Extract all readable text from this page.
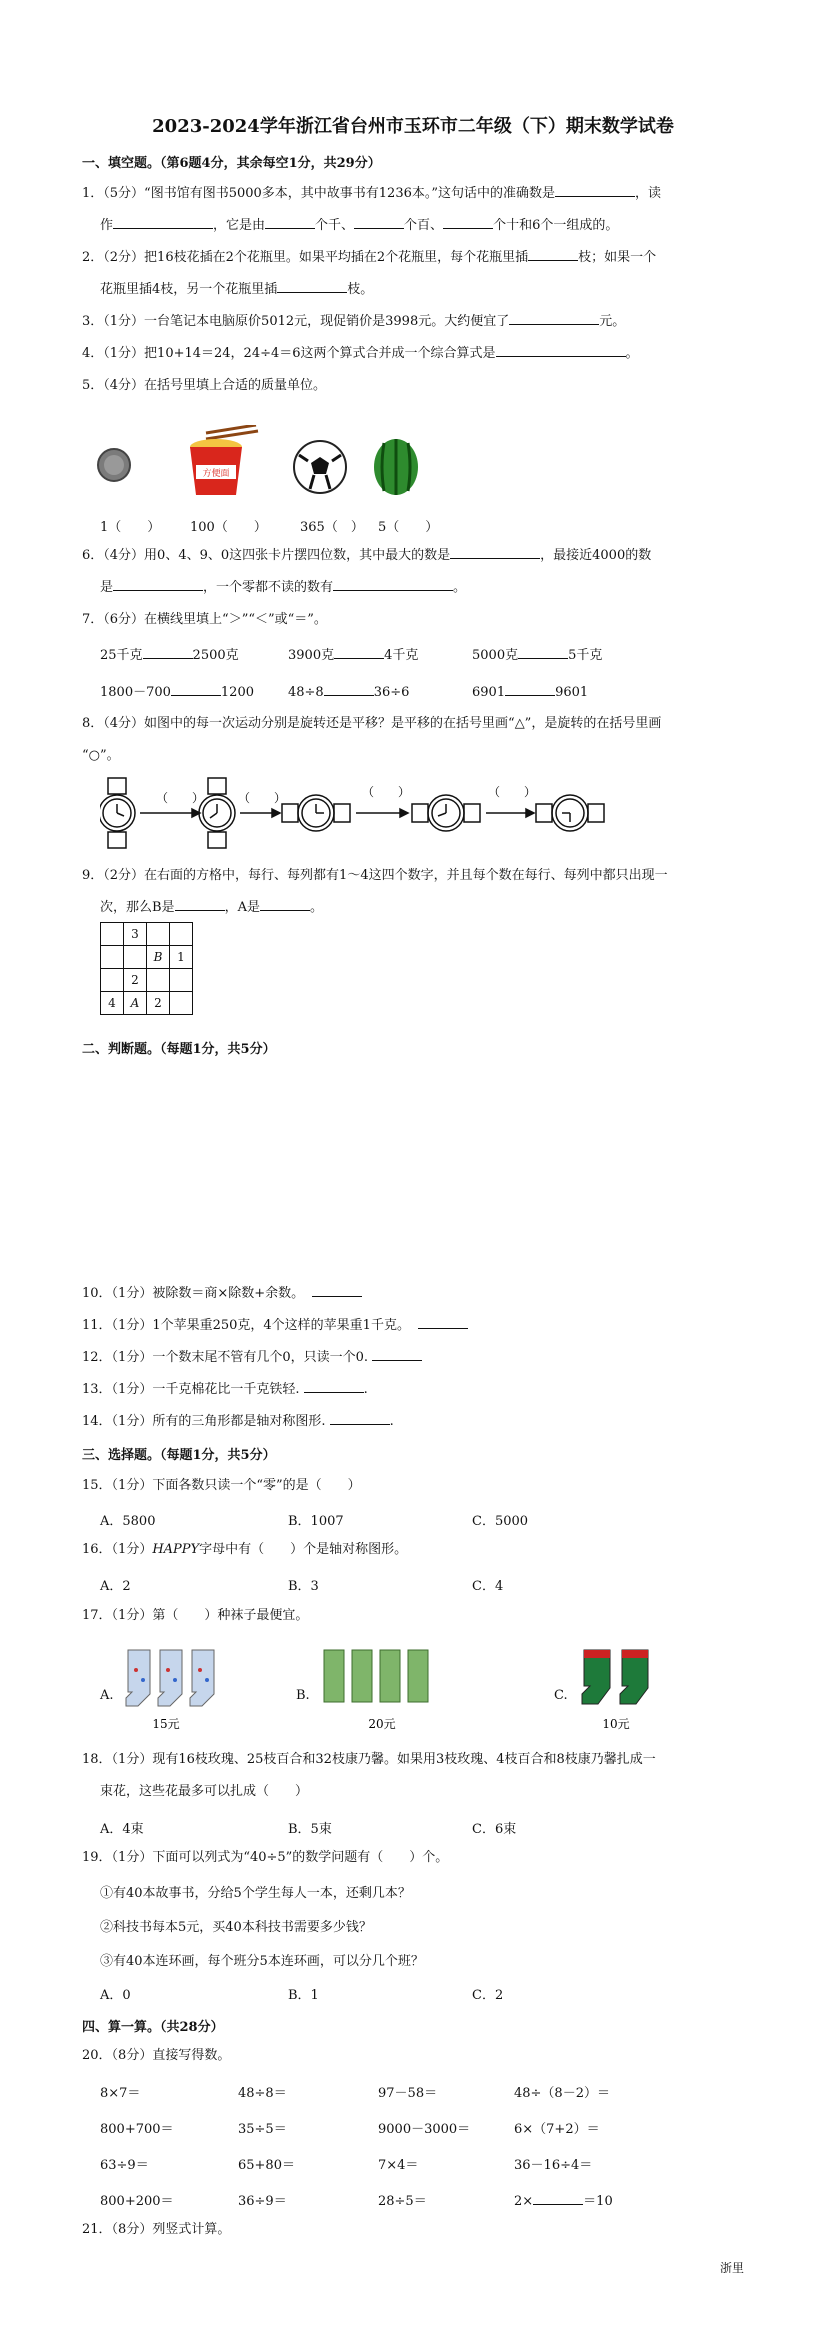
2023-2024学年浙江省台州市玉环市二年级（下）期末数学试卷
一、填空题。（第6题4分，其余每空1分，共29分）
1．（5分）“图书馆有图书5000多本，其中故事书有1236本。”这句话中的准确数是	，读
作	，它是由	个千、	个百、	个十和6个一组成的。
2．（2分）把16枝花插在2个花瓶里。如果平均插在2个花瓶里，每个花瓶里插	枝；如果一个
花瓶里插4枝，另一个花瓶里插	枝。
3．（1分）一台笔记本电脑原价5012元，现促销价是3998元。大约便宜了	元。
4．（1分）把10+14＝24，24÷4＝6这两个算式合并成一个综合算式是	。
5．（4分）在括号里填上合适的质量单位。
方便面
1（　　） 100（　　）	365（　） 5（　　）
6．（4分）用0、4、9、0这四张卡片摆四位数，其中最大的数是	，最接近4000的数
是	，一个零都不读的数有	。
7．（6分）在横线里填上“＞”“＜”或“＝”。
25千克	2500克	3900克	4千克	5000克	5千克
1800－700	1200	48÷8	36÷6	6901	9601
8．（4分）如图中的每一次运动分别是旋转还是平移？是平移的在括号里画“△”，是旋转的在括号里画
“○”。
（　　）	（　　）	（　　）	（　　）
9．（2分）在右面的方格中，每行、每列都有1～4这四个数字，并且每个数在每行、每列中都只出现一
次，那么B是	，A是	。
	3		
		B	1
	2		
4	A	2	
二、判断题。（每题1分，共5分）
10．（1分）被除数＝商×除数+余数。
11．（1分）1个苹果重250克，4个这样的苹果重1千克。
12．（1分）一个数末尾不管有几个0，只读一个0.
13．（1分）一千克棉花比一千克铁轻.	.
14．（1分）所有的三角形都是轴对称图形.	.
三、选择题。（每题1分，共5分）
15．（1分）下面各数只读一个“零”的是（　　）
A．5800	B．1007	C．5000
16．（1分）HAPPY字母中有（　　）个是轴对称图形。
A．2	B．3	C．4
17．（1分）第（　　）种袜子最便宜。
A.	B.	C.
15元	20元	10元
18．（1分）现有16枝玫瑰、25枝百合和32枝康乃馨。如果用3枝玫瑰、4枝百合和8枝康乃馨扎成一
束花，这些花最多可以扎成（　　）
A．4束	B．5束	C．6束
19．（1分）下面可以列式为“40÷5”的数学问题有（　　）个。
①有40本故事书，分给5个学生每人一本，还剩几本？
②科技书每本5元，买40本科技书需要多少钱？
③有40本连环画，每个班分5本连环画，可以分几个班？
A．0	B．1	C．2
四、算一算。（共28分）
20．（8分）直接写得数。
8×7＝	48÷8＝	97－58＝	48÷（8－2）＝
800+700＝	35÷5＝	9000－3000＝	6×（7+2）＝
63÷9＝	65+80＝	7×4＝	36－16÷4＝
800+200＝	36÷9＝	28÷5＝	2×	＝10
21．（8分）列竖式计算。
浙里
